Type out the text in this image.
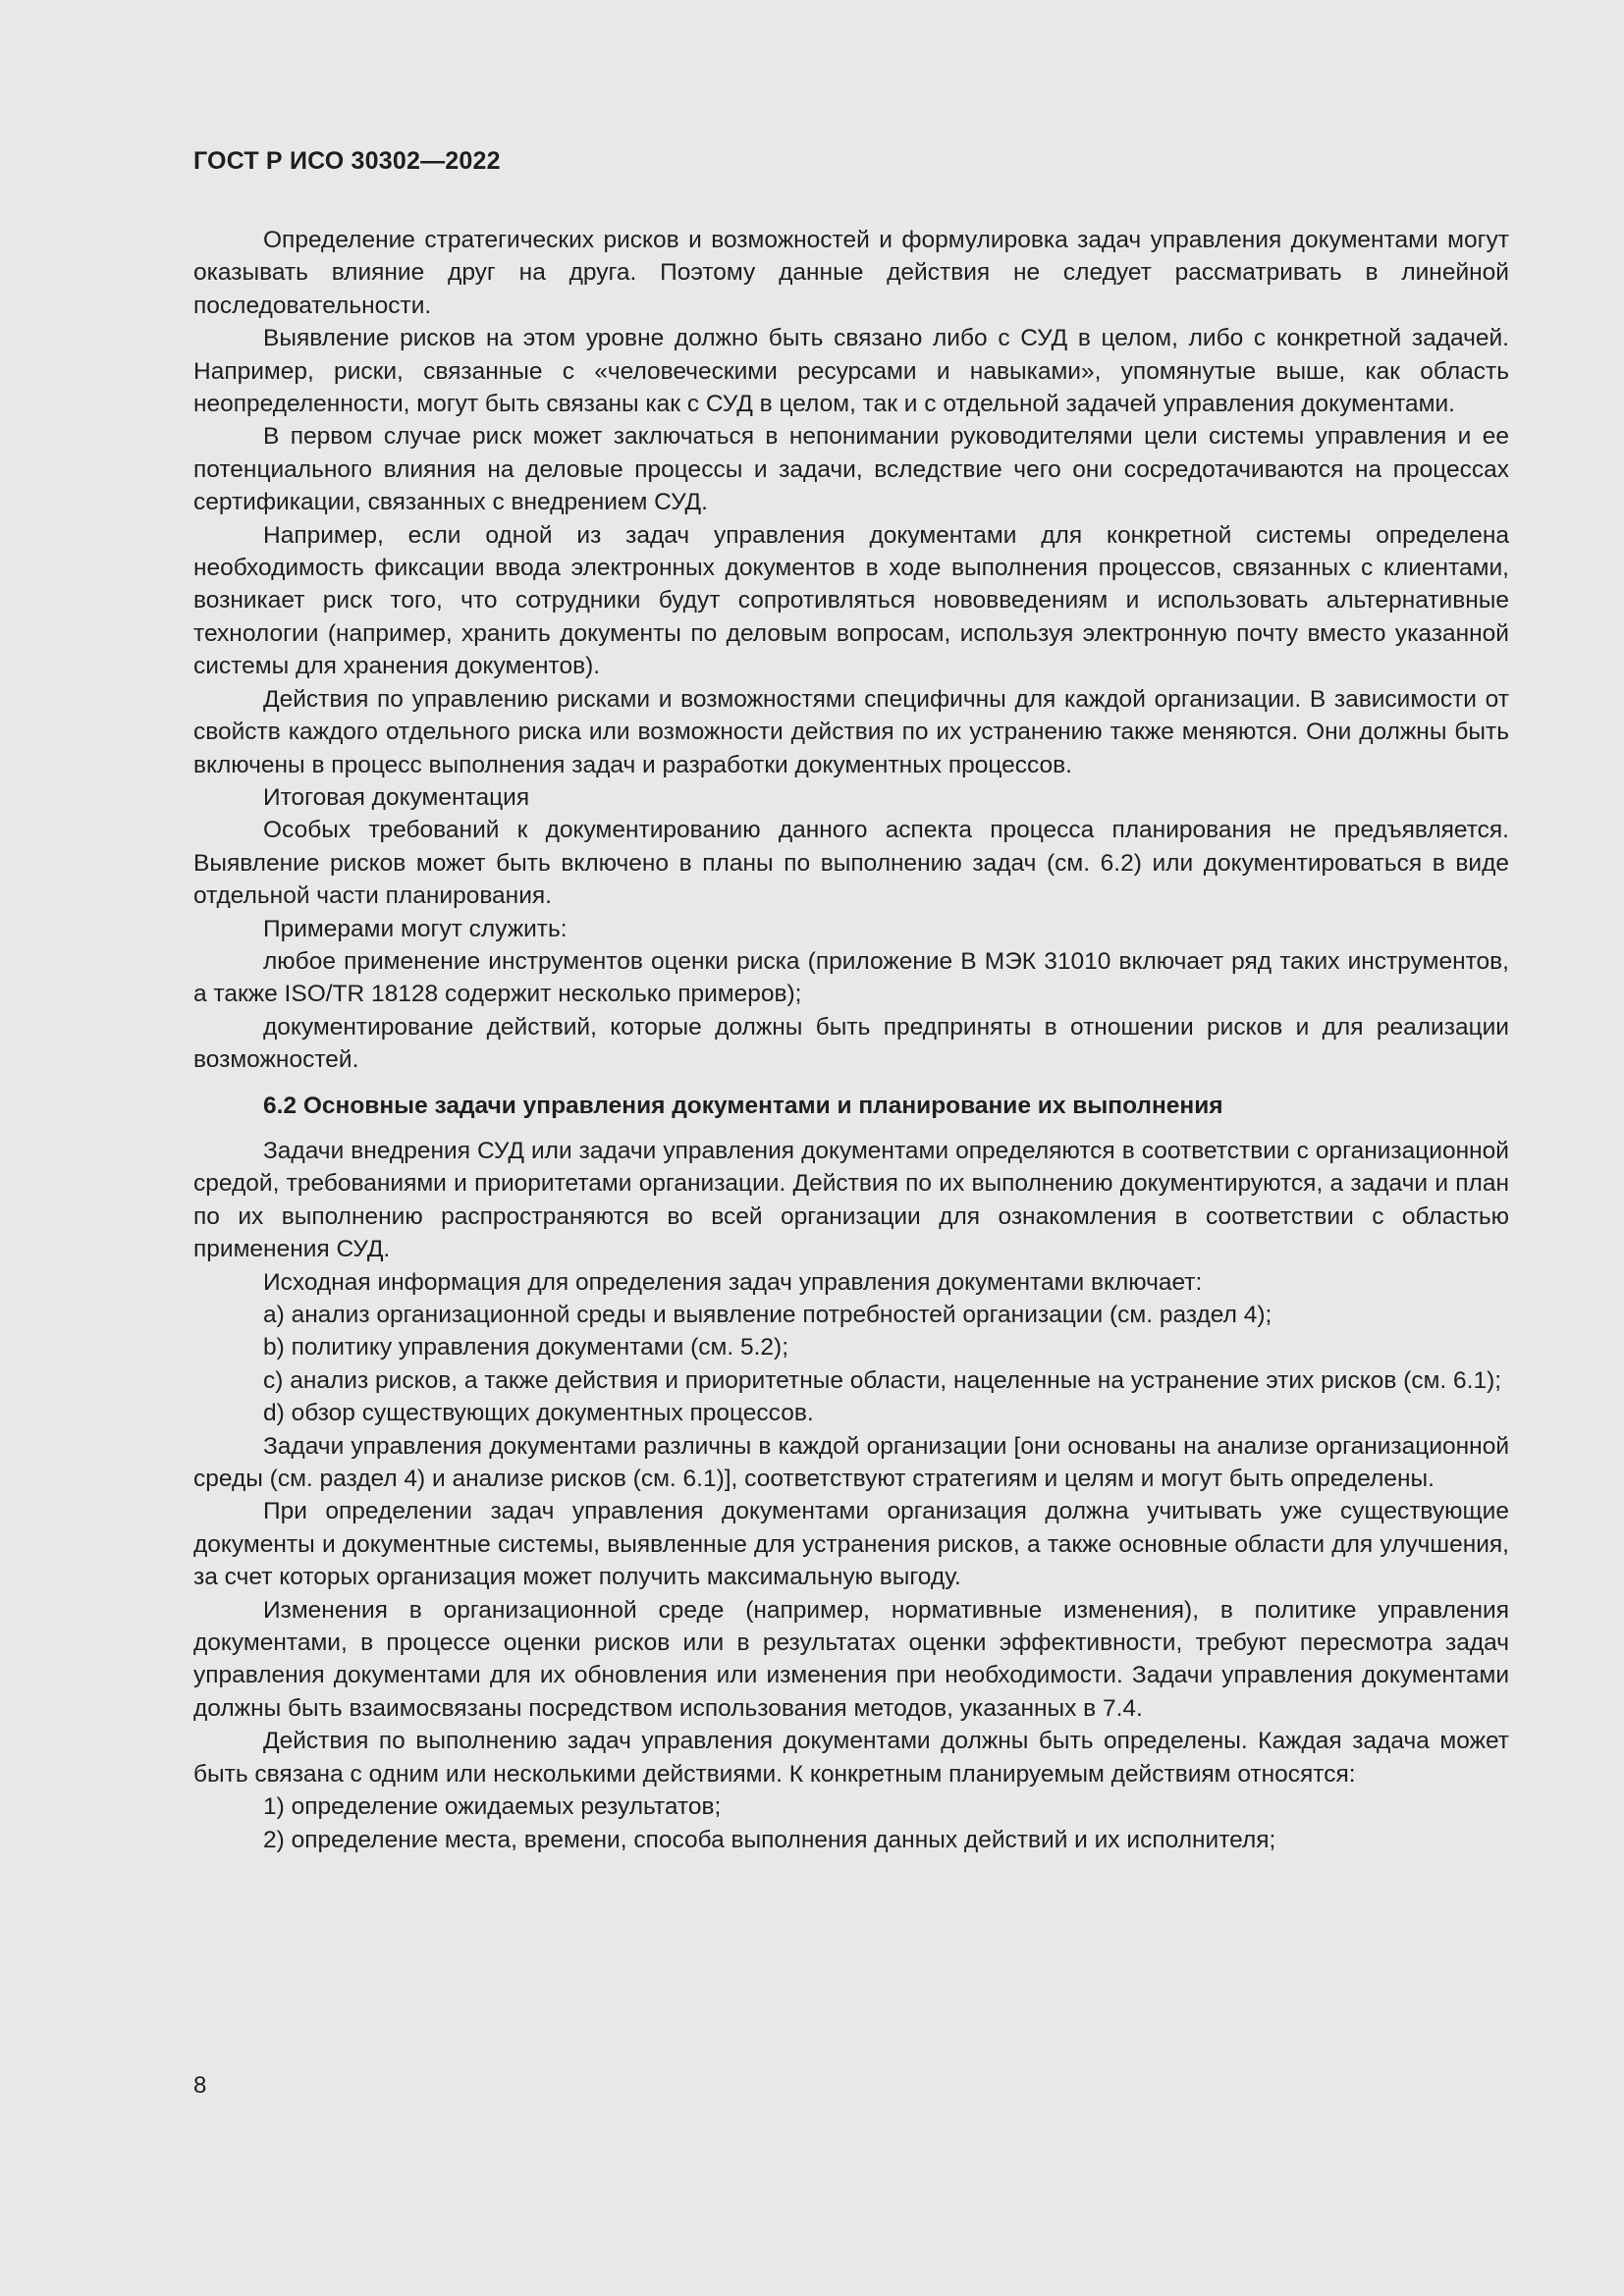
ГОСТ Р ИСО 30302—2022

Определение стратегических рисков и возможностей и формулировка задач управления документами могут оказывать влияние друг на друга. Поэтому данные действия не следует рассматривать в линейной последовательности.

Выявление рисков на этом уровне должно быть связано либо с СУД в целом, либо с конкретной задачей. Например, риски, связанные с «человеческими ресурсами и навыками», упомянутые выше, как область неопределенности, могут быть связаны как с СУД в целом, так и с отдельной задачей управления документами.

В первом случае риск может заключаться в непонимании руководителями цели системы управления и ее потенциального влияния на деловые процессы и задачи, вследствие чего они сосредотачиваются на процессах сертификации, связанных с внедрением СУД.

Например, если одной из задач управления документами для конкретной системы определена необходимость фиксации ввода электронных документов в ходе выполнения процессов, связанных с клиентами, возникает риск того, что сотрудники будут сопротивляться нововведениям и использовать альтернативные технологии (например, хранить документы по деловым вопросам, используя электронную почту вместо указанной системы для хранения документов).

Действия по управлению рисками и возможностями специфичны для каждой организации. В зависимости от свойств каждого отдельного риска или возможности действия по их устранению также меняются. Они должны быть включены в процесс выполнения задач и разработки документных процессов.

Итоговая документация

Особых требований к документированию данного аспекта процесса планирования не предъявляется. Выявление рисков может быть включено в планы по выполнению задач (см. 6.2) или документироваться в виде отдельной части планирования.

Примерами могут служить:

любое применение инструментов оценки риска (приложение В МЭК 31010 включает ряд таких инструментов, а также ISO/TR 18128 содержит несколько примеров);

документирование действий, которые должны быть предприняты в отношении рисков и для реализации возможностей.

6.2 Основные задачи управления документами и планирование их выполнения

Задачи внедрения СУД или задачи управления документами определяются в соответствии с организационной средой, требованиями и приоритетами организации. Действия по их выполнению документируются, а задачи и план по их выполнению распространяются во всей организации для ознакомления в соответствии с областью применения СУД.

Исходная информация для определения задач управления документами включает:

а) анализ организационной среды и выявление потребностей организации (см. раздел 4);

b) политику управления документами (см. 5.2);

c) анализ рисков, а также действия и приоритетные области, нацеленные на устранение этих рисков (см. 6.1);

d) обзор существующих документных процессов.

Задачи управления документами различны в каждой организации [они основаны на анализе организационной среды (см. раздел 4) и анализе рисков (см. 6.1)], соответствуют стратегиям и целям и могут быть определены.

При определении задач управления документами организация должна учитывать уже существующие документы и документные системы, выявленные для устранения рисков, а также основные области для улучшения, за счет которых организация может получить максимальную выгоду.

Изменения в организационной среде (например, нормативные изменения), в политике управления документами, в процессе оценки рисков или в результатах оценки эффективности, требуют пересмотра задач управления документами для их обновления или изменения при необходимости. Задачи управления документами должны быть взаимосвязаны посредством использования методов, указанных в 7.4.

Действия по выполнению задач управления документами должны быть определены. Каждая задача может быть связана с одним или несколькими действиями. К конкретным планируемым действиям относятся:

1) определение ожидаемых результатов;

2) определение места, времени, способа выполнения данных действий и их исполнителя;

8
